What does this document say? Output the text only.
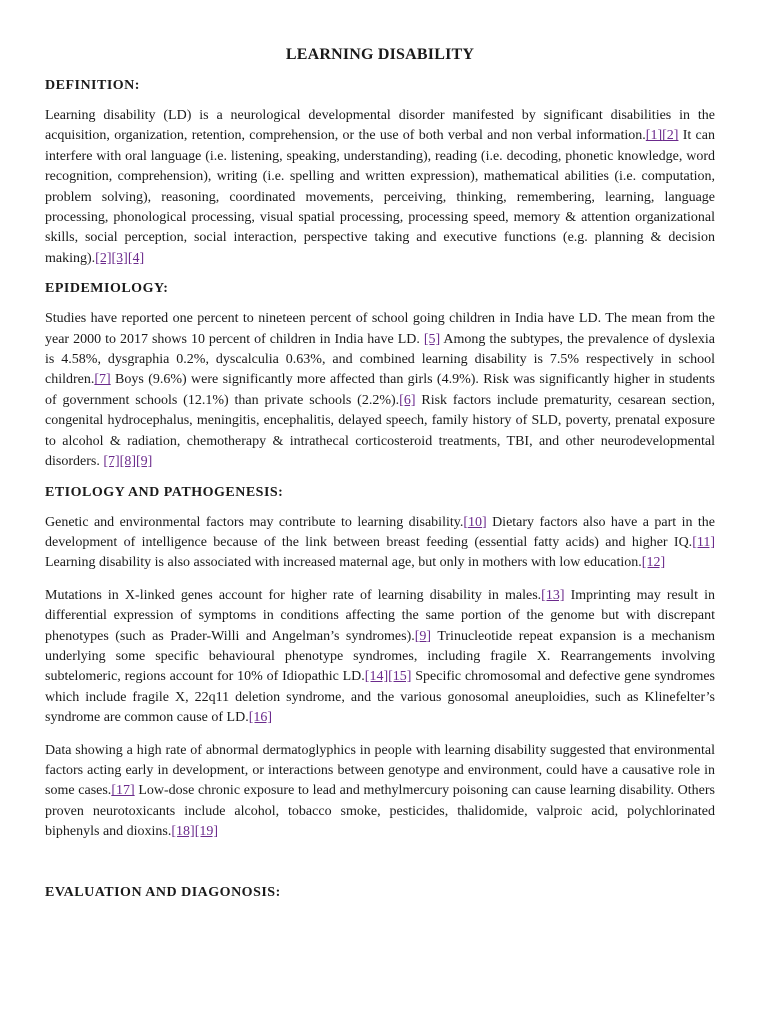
LEARNING DISABILITY
DEFINITION:

Learning disability (LD) is a neurological developmental disorder manifested by significant disabilities in the acquisition, organization, retention, comprehension, or the use of both verbal and non verbal information.[1][2] It can interfere with oral language (i.e. listening, speaking, understanding), reading (i.e. decoding, phonetic knowledge, word recognition, comprehension), writing (i.e. spelling and written expression), mathematical abilities (i.e. computation, problem solving), reasoning, coordinated movements, perceiving, thinking, remembering, learning, language processing, phonological processing, visual spatial processing, processing speed, memory & attention organizational skills, social perception, social interaction, perspective taking and executive functions (e.g. planning & decision making).[2][3][4]

EPIDEMIOLOGY:

Studies have reported one percent to nineteen percent of school going children in India have LD. The mean from the year 2000 to 2017 shows 10 percent of children in India have LD. [5] Among the subtypes, the prevalence of dyslexia is 4.58%, dysgraphia 0.2%, dyscalculia 0.63%, and combined learning disability is 7.5% respectively in school children.[7] Boys (9.6%) were significantly more affected than girls (4.9%). Risk was significantly higher in students of government schools (12.1%) than private schools (2.2%).[6] Risk factors include prematurity, cesarean section, congenital hydrocephalus, meningitis, encephalitis, delayed speech, family history of SLD, poverty, prenatal exposure to alcohol & radiation, chemotherapy & intrathecal corticosteroid treatments, TBI, and other neurodevelopmental disorders. [7][8][9]

ETIOLOGY AND PATHOGENESIS:

Genetic and environmental factors may contribute to learning disability.[10] Dietary factors also have a part in the development of intelligence because of the link between breast feeding (essential fatty acids) and higher IQ.[11] Learning disability is also associated with increased maternal age, but only in mothers with low education.[12]

Mutations in X-linked genes account for higher rate of learning disability in males.[13] Imprinting may result in differential expression of symptoms in conditions affecting the same portion of the genome but with discrepant phenotypes (such as Prader-Willi and Angelman’s syndromes).[9] Trinucleotide repeat expansion is a mechanism underlying some specific behavioural phenotype syndromes, including fragile X. Rearrangements involving subtelomeric, regions account for 10% of Idiopathic LD.[14][15] Specific chromosomal and defective gene syndromes which include fragile X, 22q11 deletion syndrome, and the various gonosomal aneuploidies, such as Klinefelter’s syndrome are common cause of LD.[16]

Data showing a high rate of abnormal dermatoglyphics in people with learning disability suggested that environmental factors acting early in development, or interactions between genotype and environment, could have a causative role in some cases.[17] Low-dose chronic exposure to lead and methylmercury poisoning can cause learning disability. Others proven neurotoxicants include alcohol, tobacco smoke, pesticides, thalidomide, valproic acid, polychlorinated biphenyls and dioxins.[18][19]

EVALUATION AND DIAGONOSIS:
